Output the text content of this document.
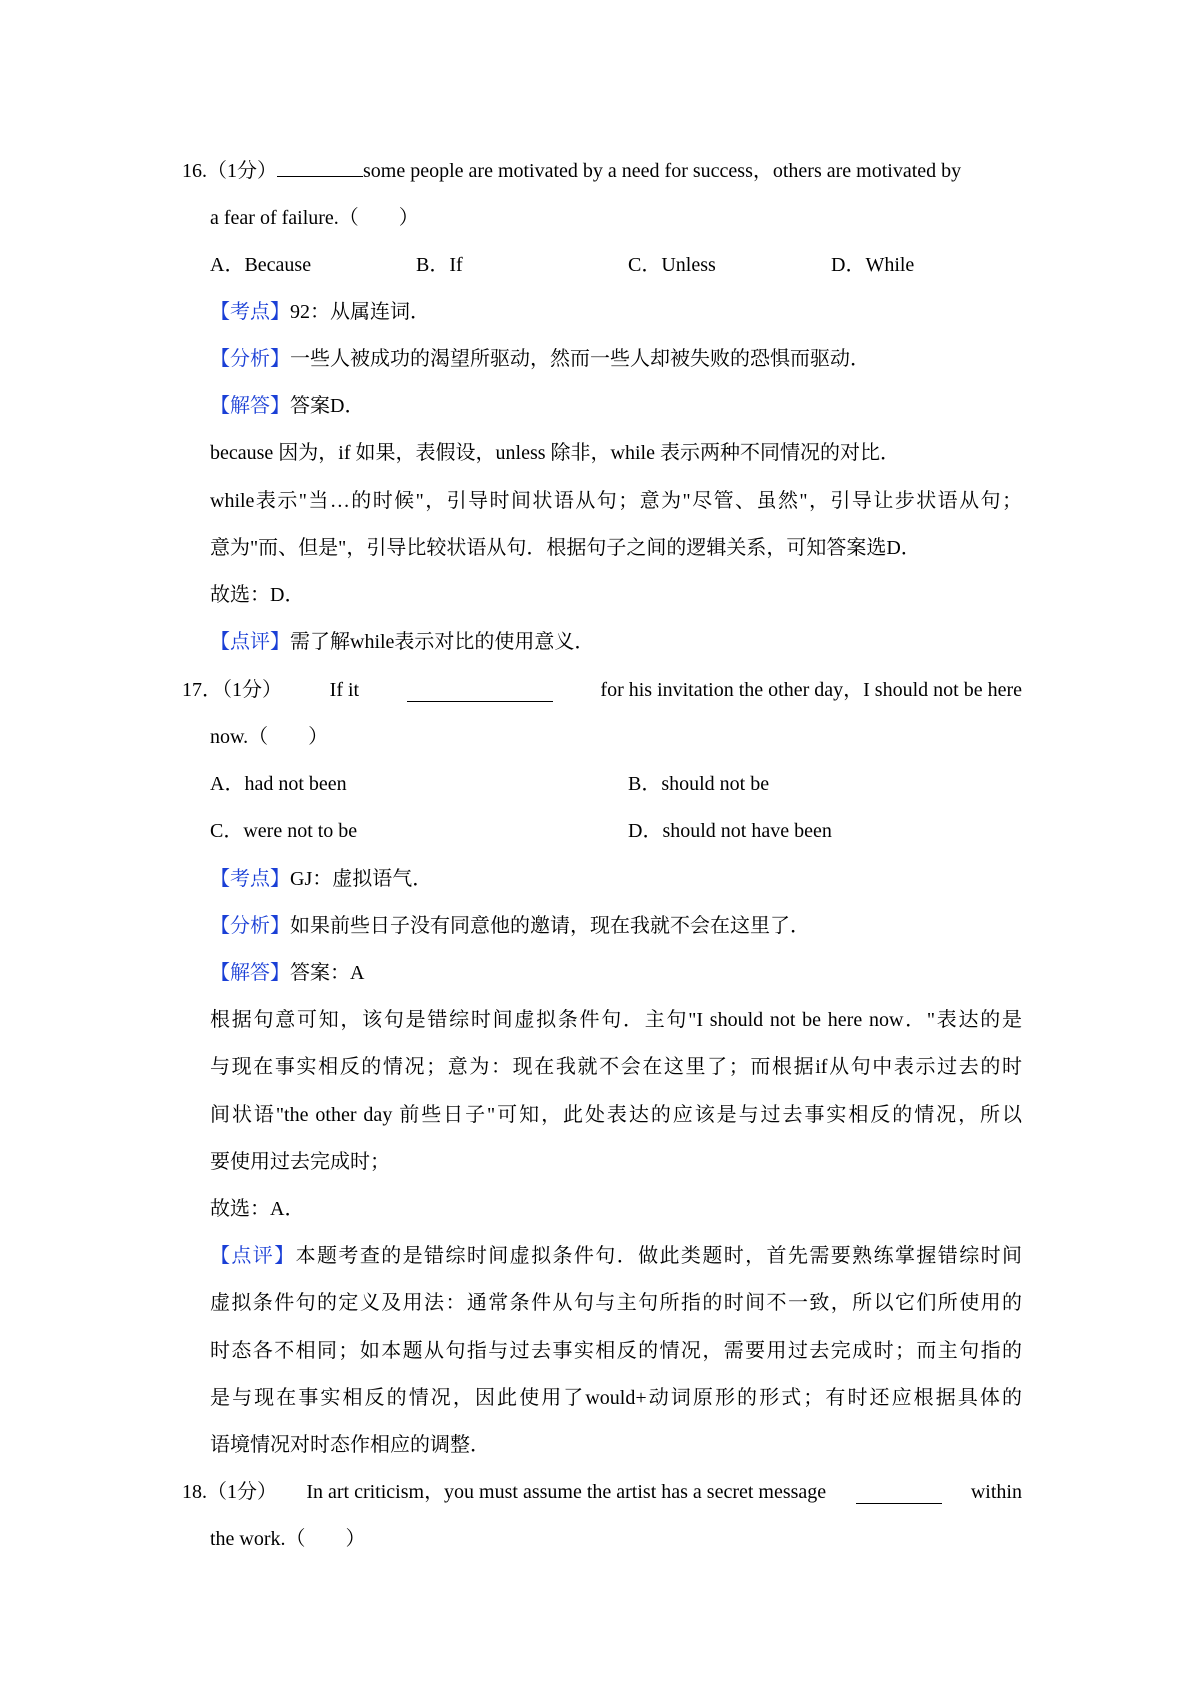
16.（1分）	some people are motivated by a need for success，others are motivated by
a fear of failure.（　　）
A．Because	B．If	C．Unless	D．While
【考点】92：从属连词．
【分析】一些人被成功的渴望所驱动，然而一些人却被失败的恐惧而驱动．
【解答】答案D．
because 因为，if 如果，表假设，unless 除非，while 表示两种不同情况的对比．
while表示"当…的时候"，引导时间状语从句；意为"尽管、虽然"，引导让步状语从句；
意为"而、但是"，引导比较状语从句．根据句子之间的逻辑关系，可知答案选D．
故选：D．
【点评】需了解while表示对比的使用意义．
17．（1分） If it	for his invitation the other day，I should not be here
now.（　　）
A．had not been	B．should not be
C．were not to be	D．should not have been
【考点】GJ：虚拟语气．
【分析】如果前些日子没有同意他的邀请，现在我就不会在这里了．
【解答】答案：A
根据句意可知，该句是错综时间虚拟条件句．主句"I should not be here now．"表达的是
与现在事实相反的情况；意为：现在我就不会在这里了；而根据if从句中表示过去的时
间状语"the other day 前些日子"可知，此处表达的应该是与过去事实相反的情况，所以
要使用过去完成时；
故选：A．
【点评】本题考查的是错综时间虚拟条件句．做此类题时，首先需要熟练掌握错综时间
虚拟条件句的定义及用法：通常条件从句与主句所指的时间不一致，所以它们所使用的
时态各不相同；如本题从句指与过去事实相反的情况，需要用过去完成时；而主句指的
是与现在事实相反的情况，因此使用了would+动词原形的形式；有时还应根据具体的
语境情况对时态作相应的调整．
18.（1分） In art criticism，you must assume the artist has a secret message	within
the work.（　　）
